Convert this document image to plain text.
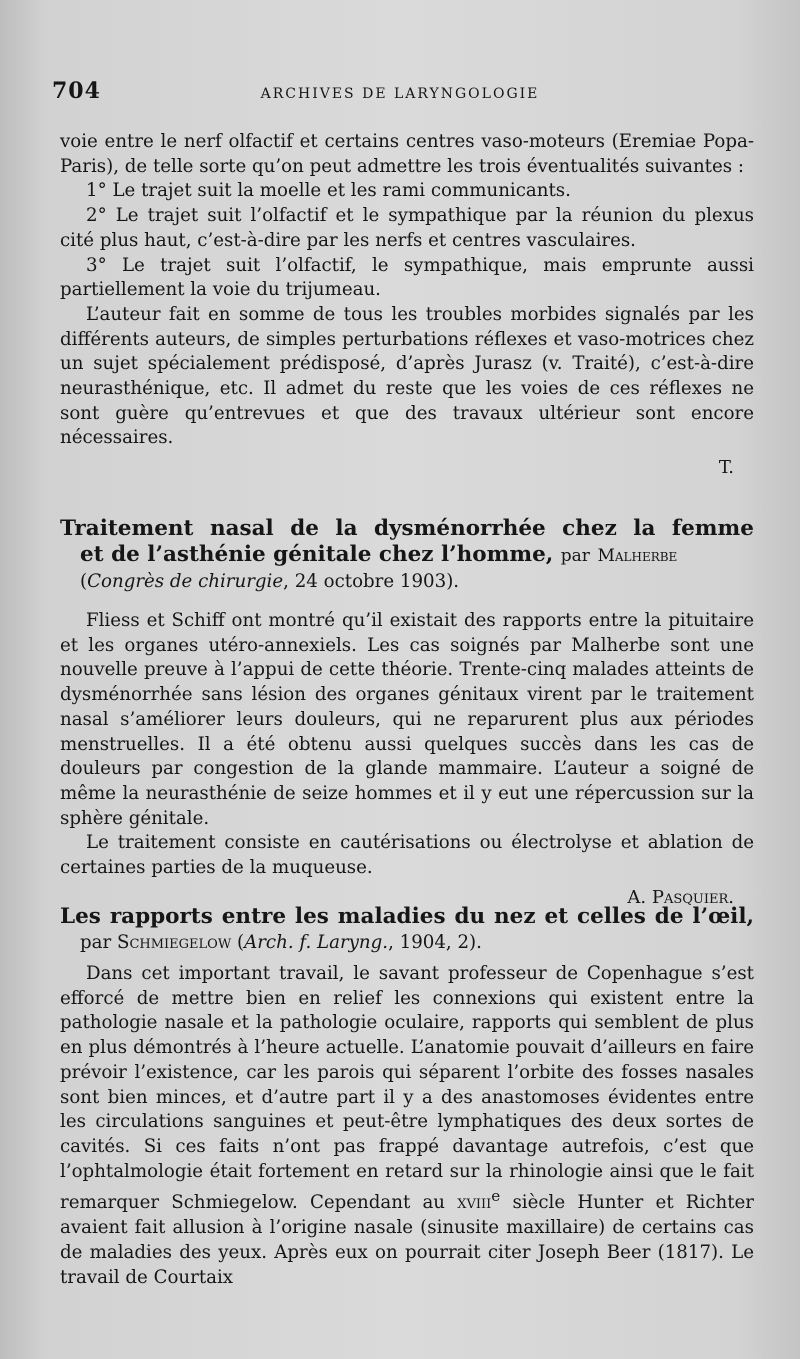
704	ARCHIVES DE LARYNGOLOGIE

voie entre le nerf olfactif et certains centres vaso-moteurs (Eremiae Popa-Paris), de telle sorte qu’on peut admettre les trois éventualités suivantes :

1° Le trajet suit la moelle et les rami communicants.

2° Le trajet suit l’olfactif et le sympathique par la réunion du plexus cité plus haut, c’est-à-dire par les nerfs et centres vasculaires.

3° Le trajet suit l’olfactif, le sympathique, mais emprunte aussi partiellement la voie du trijumeau.

L’auteur fait en somme de tous les troubles morbides signalés par les différents auteurs, de simples perturbations réflexes et vaso-motrices chez un sujet spécialement prédisposé, d’après Jurasz (v. Traité), c’est-à-dire neurasthénique, etc. Il admet du reste que les voies de ces réflexes ne sont guère qu’entrevues et que des travaux ultérieur sont encore nécessaires.

T.

Traitement nasal de la dysménorrhée chez la femme

et de l’asthénie génitale chez l’homme, par Malherbe

(Congrès de chirurgie, 24 octobre 1903).

Fliess et Schiff ont montré qu’il existait des rapports entre la pituitaire et les organes utéro-annexiels. Les cas soignés par Malherbe sont une nouvelle preuve à l’appui de cette théorie. Trente-cinq malades atteints de dysménorrhée sans lésion des organes génitaux virent par le traitement nasal s’améliorer leurs douleurs, qui ne reparurent plus aux périodes menstruelles. Il a été obtenu aussi quelques succès dans les cas de douleurs par congestion de la glande mammaire. L’auteur a soigné de même la neurasthénie de seize hommes et il y eut une répercussion sur la sphère génitale.

Le traitement consiste en cautérisations ou électrolyse et ablation de certaines parties de la muqueuse.

A. Pasquier.

Les rapports entre les maladies du nez et celles de l’œil,

par Schmiegelow (Arch. f. Laryng., 1904, 2).

Dans cet important travail, le savant professeur de Copenhague s’est efforcé de mettre bien en relief les connexions qui existent entre la pathologie nasale et la pathologie oculaire, rapports qui semblent de plus en plus démontrés à l’heure actuelle. L’anatomie pouvait d’ailleurs en faire prévoir l’existence, car les parois qui séparent l’orbite des fosses nasales sont bien minces, et d’autre part il y a des anastomoses évidentes entre les circulations sanguines et peut-être lymphatiques des deux sortes de cavités. Si ces faits n’ont pas frappé davantage autrefois, c’est que l’ophtalmologie était fortement en retard sur la rhinologie ainsi que le fait remarquer Schmiegelow. Cependant au xviii$^e$ siècle Hunter et Richter avaient fait allusion à l’origine nasale (sinusite maxillaire) de certains cas de maladies des yeux. Après eux on pourrait citer Joseph Beer (1817). Le travail de Courtaix
